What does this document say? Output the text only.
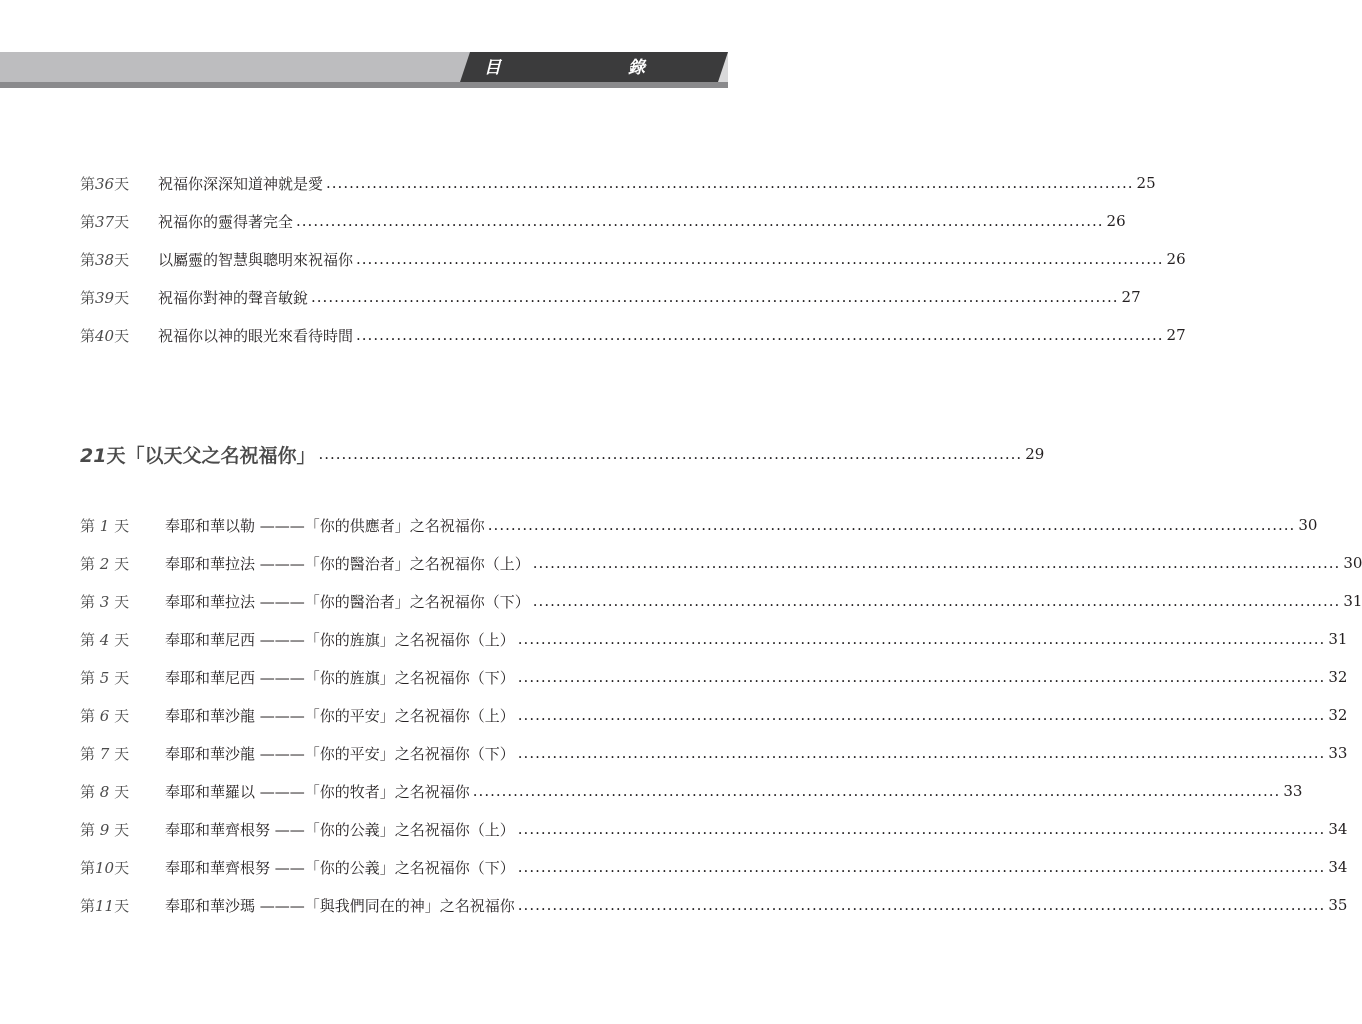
目	錄
第36天	祝福你深深知道神就是愛 ............................................................................................................................................ 25
第37天	祝福你的靈得著完全 ............................................................................................................................................ 26
第38天	以屬靈的智慧與聰明來祝福你 ............................................................................................................................................ 26
第39天	祝福你對神的聲音敏銳 ............................................................................................................................................ 27
第40天	祝福你以神的眼光來看待時間 ............................................................................................................................................ 27
21天「以天父之名祝福你」 .......................................................................................................................... 29
第 1 天	奉耶和華以勒 ———「你的供應者」之名祝福你 ............................................................................................................................................ 30
第 2 天	奉耶和華拉法 ———「你的醫治者」之名祝福你（上） ............................................................................................................................................ 30
第 3 天	奉耶和華拉法 ———「你的醫治者」之名祝福你（下） ............................................................................................................................................ 31
第 4 天	奉耶和華尼西 ———「你的旌旗」之名祝福你（上） ............................................................................................................................................ 31
第 5 天	奉耶和華尼西 ———「你的旌旗」之名祝福你（下） ............................................................................................................................................ 32
第 6 天	奉耶和華沙龍 ———「你的平安」之名祝福你（上） ............................................................................................................................................ 32
第 7 天	奉耶和華沙龍 ———「你的平安」之名祝福你（下） ............................................................................................................................................ 33
第 8 天	奉耶和華羅以 ———「你的牧者」之名祝福你 ............................................................................................................................................ 33
第 9 天	奉耶和華齊根努 ——「你的公義」之名祝福你（上） ............................................................................................................................................ 34
第10天	奉耶和華齊根努 ——「你的公義」之名祝福你（下） ............................................................................................................................................ 34
第11天	奉耶和華沙瑪 ———「與我們同在的神」之名祝福你 ............................................................................................................................................ 35
